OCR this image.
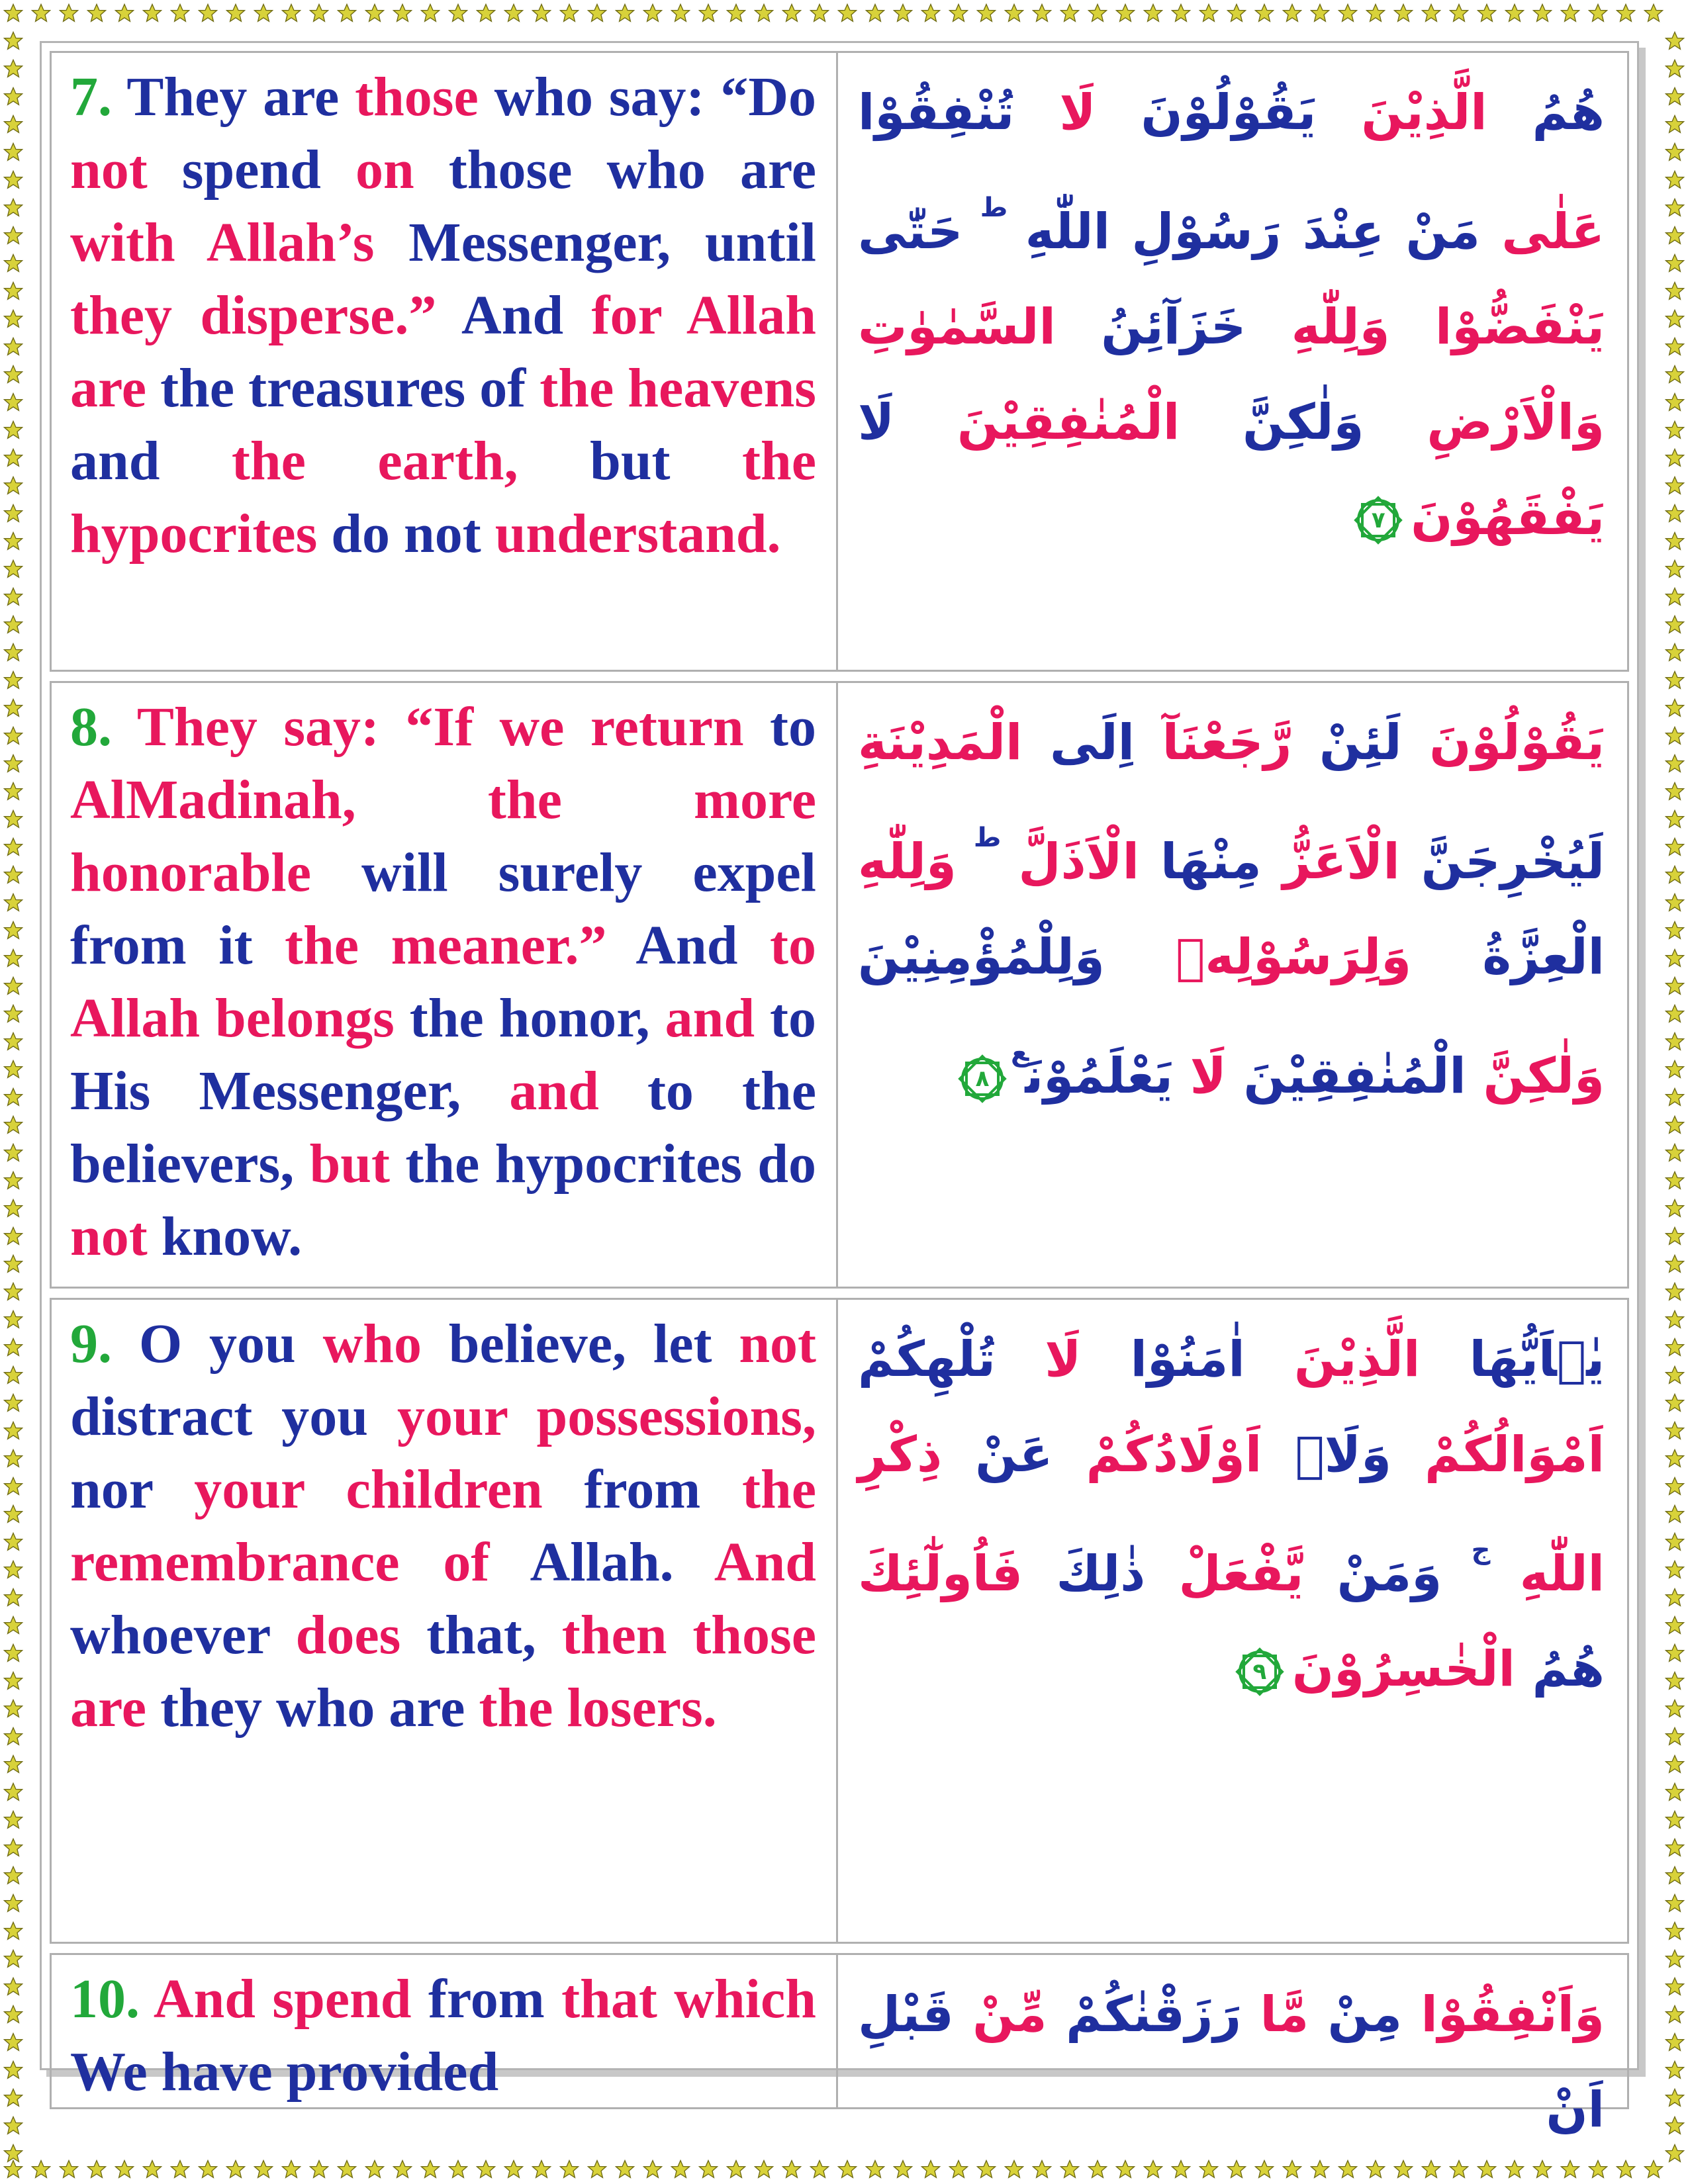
7. They are those who say: “Do not spend on those who are with Allah’s Messenger, until they disperse.” And for Allah are the treasures of the heavens and the earth, but the hypocrites do not understand.
هُمُ الَّذِيْنَ يَقُوْلُوْنَ لَا تُنْفِقُوْا عَلٰى مَنْ عِنْدَ رَسُوْلِ اللّٰهِ $^ط$ حَتّٰى يَنْفَضُّوْا وَلِلّٰهِ خَزَآئِنُ السَّمٰوٰتِ وَالْاَرْضِ وَلٰكِنَّ الْمُنٰفِقِيْنَ لَا يَفْقَهُوْنَ
٧
8. They say: “If we return to AlMadinah, the more honorable will surely expel from it the meaner.” And to Allah belongs the honor, and to His Messenger, and to the believers, but the hypocrites do not know.
يَقُوْلُوْنَ لَئِنْ رَّجَعْنَآ اِلَى الْمَدِيْنَةِ لَيُخْرِجَنَّ الْاَعَزُّ مِنْهَا الْاَذَلَّ $^ط$ وَلِلّٰهِ الْعِزَّةُ وَلِرَسُوْلِهٖ وَلِلْمُؤْمِنِيْنَ وَلٰكِنَّ الْمُنٰفِقِيْنَ لَا يَعْلَمُوْنَ$^ع$
٨
9. O you who believe, let not distract you your possessions, nor your children from the remembrance of Allah. And whoever does that, then those are they who are the losers.
يٰۤاَيُّهَا الَّذِيْنَ اٰمَنُوْا لَا تُلْهِكُمْ اَمْوَالُكُمْ وَلَاۤ اَوْلَادُكُمْ عَنْ ذِكْرِ اللّٰهِ $^ج$ وَمَنْ يَّفْعَلْ ذٰلِكَ فَاُولٰٓئِكَ هُمُ الْخٰسِرُوْنَ
٩
10. And spend from that which We have provided
وَاَنْفِقُوْا مِنْ مَّا رَزَقْنٰكُمْ مِّنْ قَبْلِ اَنْ
